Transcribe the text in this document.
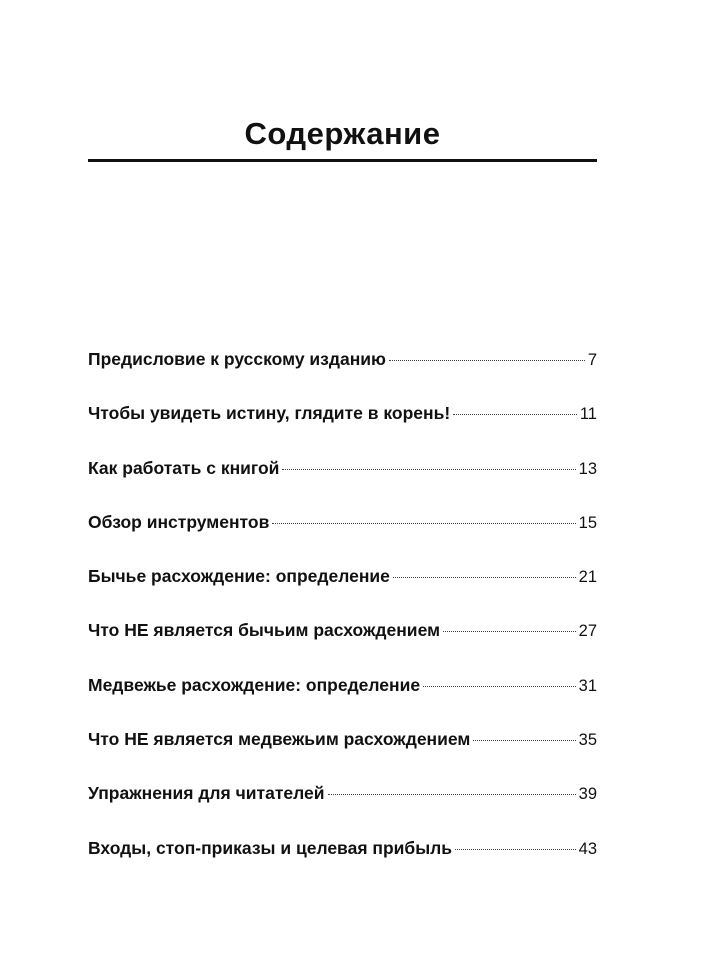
Содержание
Предисловие к русскому изданию	7
Чтобы увидеть истину, глядите в корень!	11
Как работать с книгой	13
Обзор инструментов	15
Бычье расхождение: определение	21
Что НЕ является бычьим расхождением	27
Медвежье расхождение: определение	31
Что НЕ является медвежьим расхождением	35
Упражнения для читателей	39
Входы, стоп-приказы и целевая прибыль	43
